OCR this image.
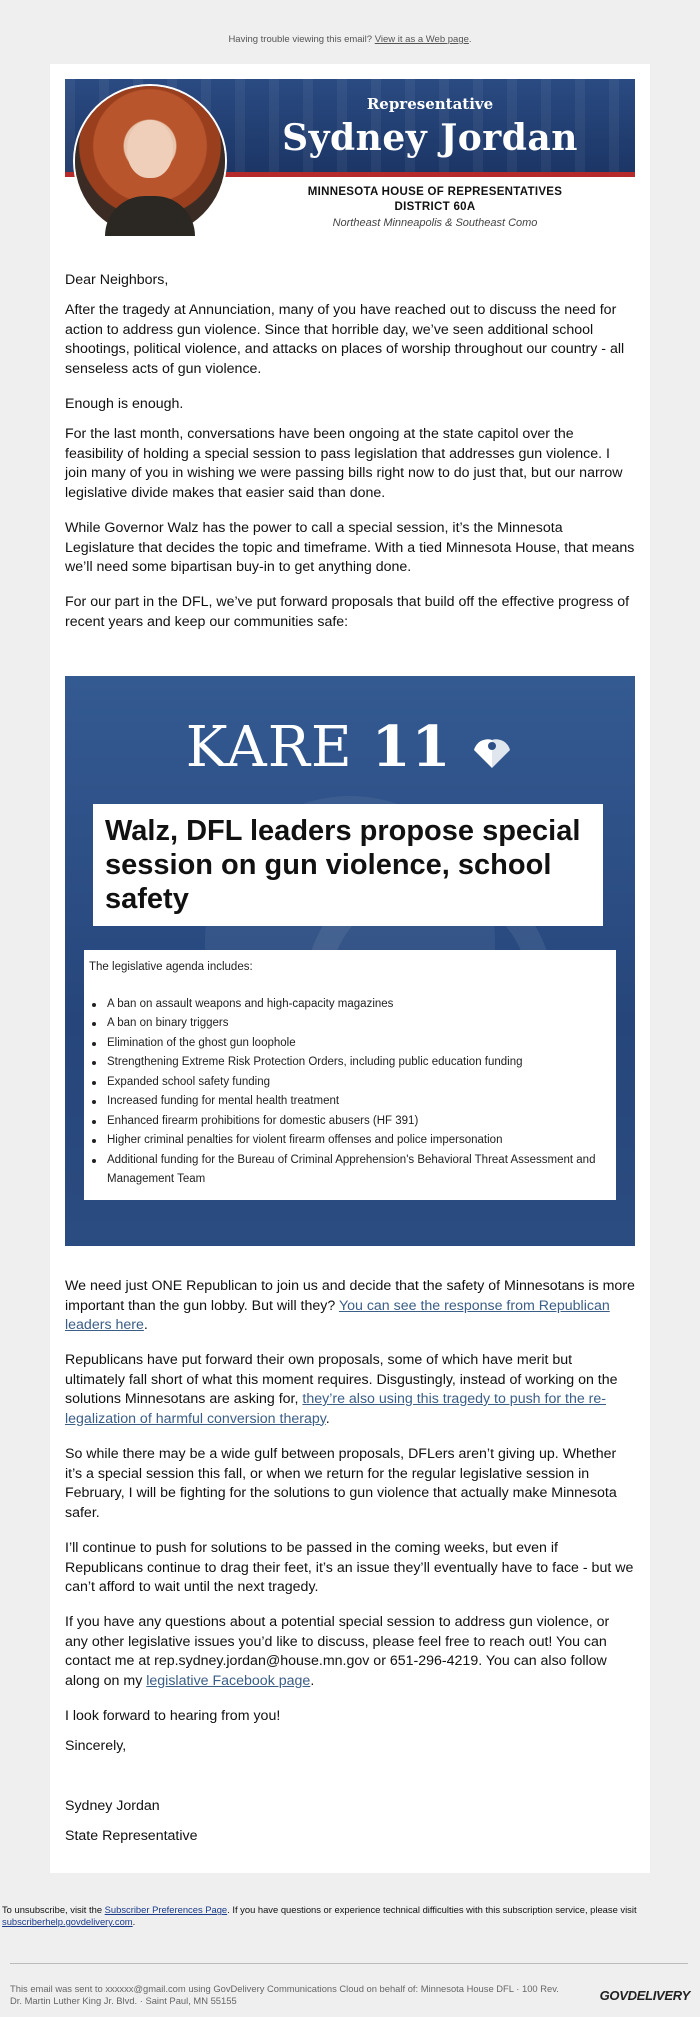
Having trouble viewing this email? View it as a Web page.
Representative
Sydney Jordan
MINNESOTA HOUSE OF REPRESENTATIVES
DISTRICT 60A
Northeast Minneapolis & Southeast Como

Dear Neighbors,

After the tragedy at Annunciation, many of you have reached out to discuss the need for action to address gun violence. Since that horrible day, we’ve seen additional school shootings, political violence, and attacks on places of worship throughout our country - all senseless acts of gun violence.

Enough is enough.

For the last month, conversations have been ongoing at the state capitol over the feasibility of holding a special session to pass legislation that addresses gun violence. I join many of you in wishing we were passing bills right now to do just that, but our narrow legislative divide makes that easier said than done.

While Governor Walz has the power to call a special session, it’s the Minnesota Legislature that decides the topic and timeframe. With a tied Minnesota House, that means we’ll need some bipartisan buy-in to get anything done.

For our part in the DFL, we’ve put forward proposals that build off the effective progress of recent years and keep our communities safe:

KARE 11
Walz, DFL leaders propose special session on gun violence, school safety

The legislative agenda includes:

A ban on assault weapons and high-capacity magazines
A ban on binary triggers
Elimination of the ghost gun loophole
Strengthening Extreme Risk Protection Orders, including public education funding
Expanded school safety funding
Increased funding for mental health treatment
Enhanced firearm prohibitions for domestic abusers (HF 391)
Higher criminal penalties for violent firearm offenses and police impersonation
Additional funding for the Bureau of Criminal Apprehension's Behavioral Threat Assessment and Management Team

We need just ONE Republican to join us and decide that the safety of Minnesotans is more important than the gun lobby. But will they? You can see the response from Republican leaders here.

Republicans have put forward their own proposals, some of which have merit but ultimately fall short of what this moment requires. Disgustingly, instead of working on the solutions Minnesotans are asking for, they’re also using this tragedy to push for the re-legalization of harmful conversion therapy.

So while there may be a wide gulf between proposals, DFLers aren’t giving up. Whether it’s a special session this fall, or when we return for the regular legislative session in February, I will be fighting for the solutions to gun violence that actually make Minnesota safer.

I’ll continue to push for solutions to be passed in the coming weeks, but even if Republicans continue to drag their feet, it’s an issue they’ll eventually have to face - but we can’t afford to wait until the next tragedy.

If you have any questions about a potential special session to address gun violence, or any other legislative issues you’d like to discuss, please feel free to reach out! You can contact me at rep.sydney.jordan@house.mn.gov or 651-296-4219. You can also follow along on my legislative Facebook page.

I look forward to hearing from you!

Sincerely,

Sydney Jordan

State Representative

To unsubscribe, visit the Subscriber Preferences Page. If you have questions or experience technical difficulties with this subscription service, please visit subscriberhelp.govdelivery.com.
This email was sent to xxxxxx@gmail.com using GovDelivery Communications Cloud on behalf of: Minnesota House DFL · 100 Rev. Dr. Martin Luther King Jr. Blvd. · Saint Paul, MN 55155	GOVDELIVERY
